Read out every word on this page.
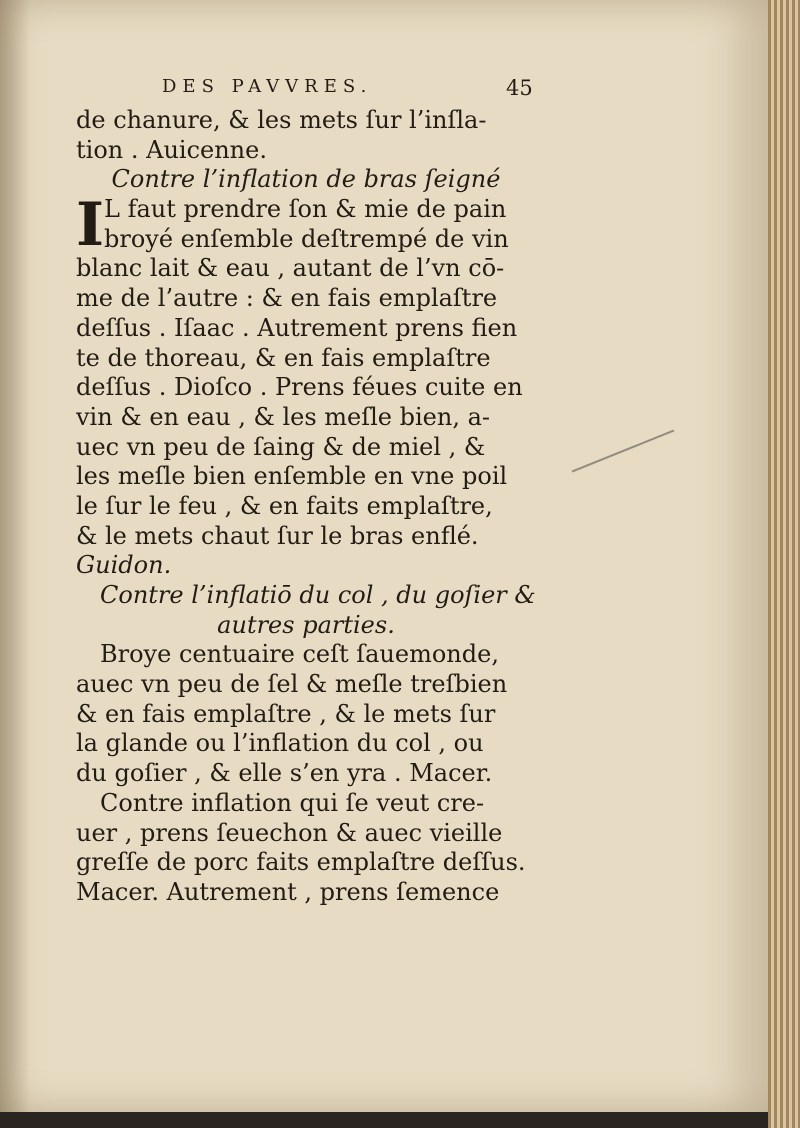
DES PAVVRES.	45
de chanure, & les mets ſur l’inſla-
tion . Auicenne.
Contre l’inflation de bras ſeigné
I L faut prendre ſon & mie de pain
broyé enſemble deſtrempé de vin
blanc lait & eau , autant de l’vn cō-
me de l’autre : & en fais emplaſtre
deſſus . Iſaac . Autrement prens fien
te de thoreau, & en fais emplaſtre
deſſus . Dioſco . Prens féues cuite en
vin & en eau , & les meſle bien, a-
uec vn peu de ſaing & de miel , &
les meſle bien enſemble en vne poil
le ſur le feu , & en faits emplaſtre,
& le mets chaut ſur le bras enflé.
Guidon.
Contre l’inflatiō du col , du goſier &
autres parties.
Broye centuaire ceſt ſauemonde,
auec vn peu de ſel & meſle treſbien
& en fais emplaſtre , & le mets ſur
la glande ou l’inflation du col , ou
du goſier , & elle s’en yra . Macer.
Contre inflation qui ſe veut cre-
uer , prens ſeuechon & auec vieille
greſſe de porc faits emplaſtre deſſus.
Macer. Autrement , prens ſemence
